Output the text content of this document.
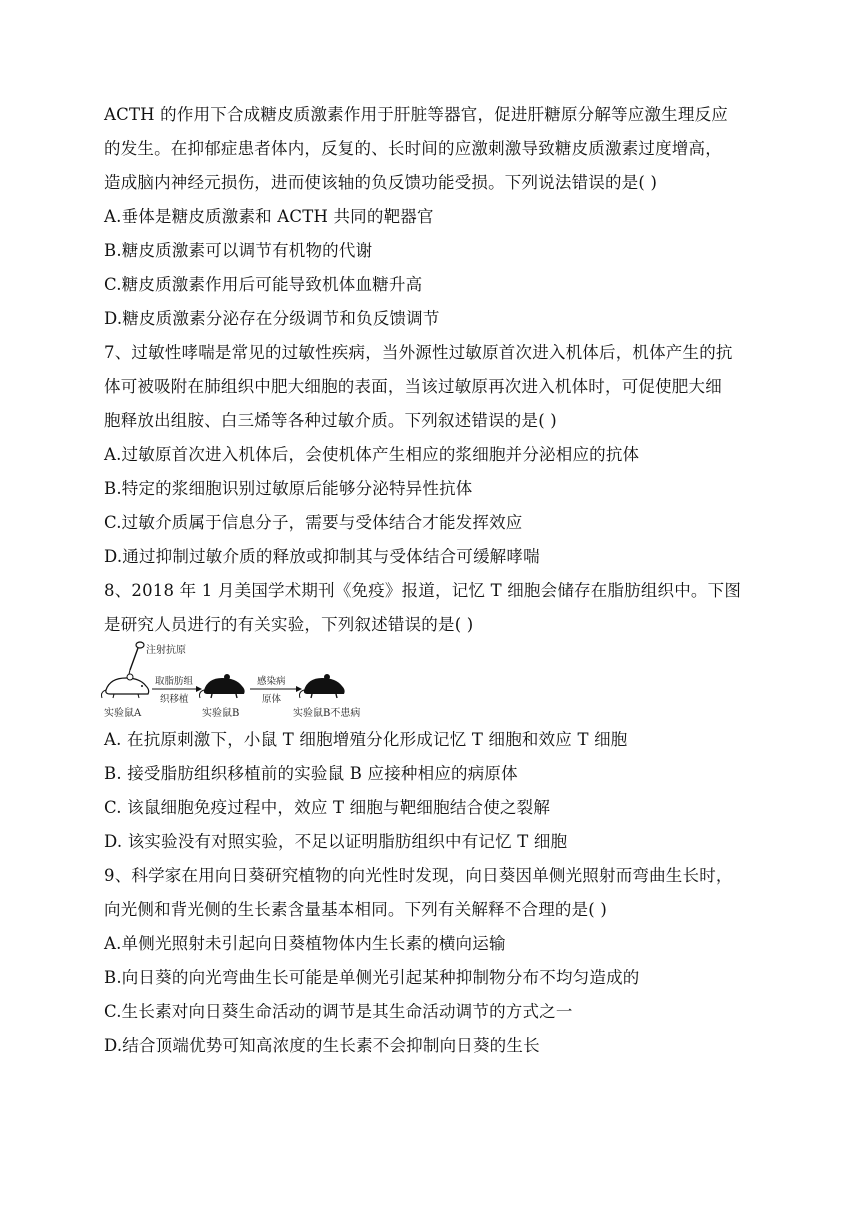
ACTH 的作用下合成糖皮质激素作用于肝脏等器官，促进肝糖原分解等应激生理反应
的发生。在抑郁症患者体内，反复的、长时间的应激刺激导致糖皮质激素过度增高，
造成脑内神经元损伤，进而使该轴的负反馈功能受损。下列说法错误的是( )
A.垂体是糖皮质激素和 ACTH 共同的靶器官
B.糖皮质激素可以调节有机物的代谢
C.糖皮质激素作用后可能导致机体血糖升高
D.糖皮质激素分泌存在分级调节和负反馈调节
7、过敏性哮喘是常见的过敏性疾病，当外源性过敏原首次进入机体后，机体产生的抗
体可被吸附在肺组织中肥大细胞的表面，当该过敏原再次进入机体时，可促使肥大细
胞释放出组胺、白三烯等各种过敏介质。下列叙述错误的是( )
A.过敏原首次进入机体后，会使机体产生相应的浆细胞并分泌相应的抗体
B.特定的浆细胞识别过敏原后能够分泌特异性抗体
C.过敏介质属于信息分子，需要与受体结合才能发挥效应
D.通过抑制过敏介质的释放或抑制其与受体结合可缓解哮喘
8、2018 年 1 月美国学术期刊《免疫》报道，记忆 T 细胞会储存在脂肪组织中。下图
是研究人员进行的有关实验，下列叙述错误的是( )
注射抗原
取脂肪组
织移植
感染病
原体
实验鼠A	实验鼠B	实验鼠B不患病
A. 在抗原刺激下，小鼠 T 细胞增殖分化形成记忆 T 细胞和效应 T 细胞
B. 接受脂肪组织移植前的实验鼠 B 应接种相应的病原体
C. 该鼠细胞免疫过程中，效应 T 细胞与靶细胞结合使之裂解
D. 该实验没有对照实验，不足以证明脂肪组织中有记忆 T 细胞
9、科学家在用向日葵研究植物的向光性时发现，向日葵因单侧光照射而弯曲生长时，
向光侧和背光侧的生长素含量基本相同。下列有关解释不合理的是( )
A.单侧光照射未引起向日葵植物体内生长素的横向运输
B.向日葵的向光弯曲生长可能是单侧光引起某种抑制物分布不均匀造成的
C.生长素对向日葵生命活动的调节是其生命活动调节的方式之一
D.结合顶端优势可知高浓度的生长素不会抑制向日葵的生长
